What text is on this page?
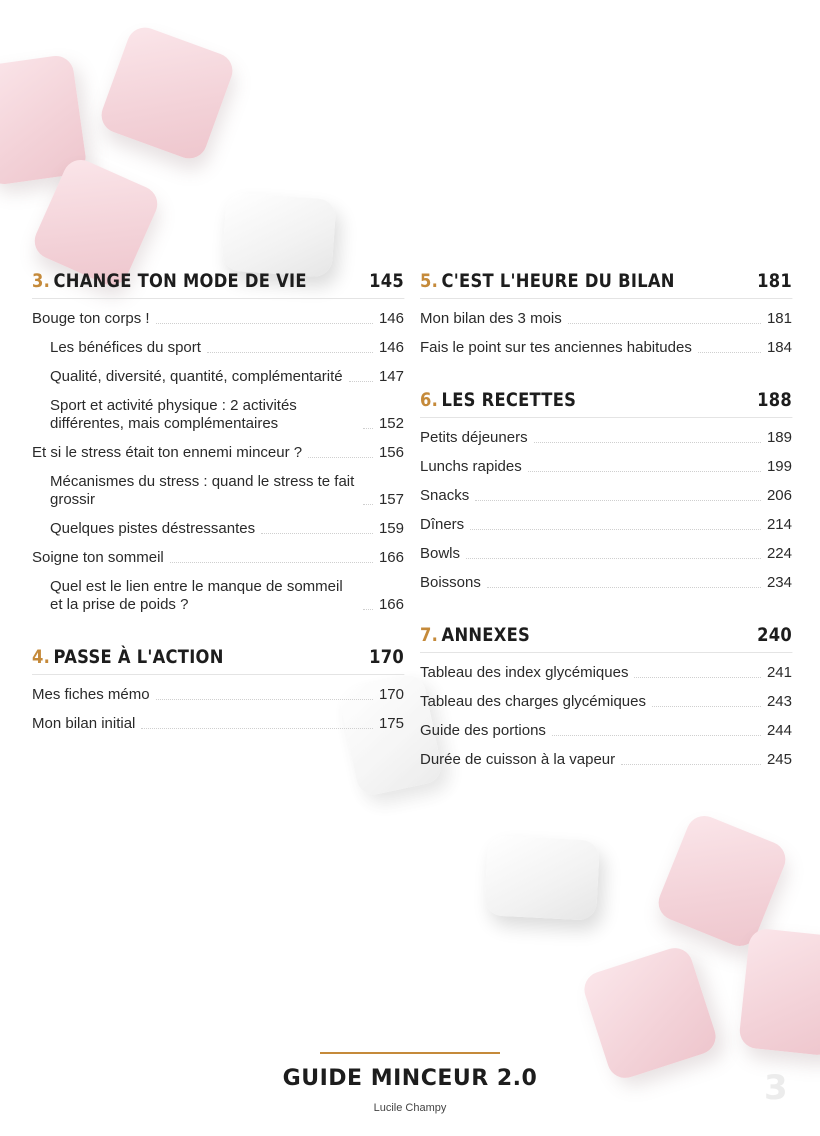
3. CHANGE TON MODE DE VIE	145
Bouge ton corps !	146
Les bénéfices du sport	146
Qualité, diversité, quantité, complémentarité 147
Sport et activité physique : 2 activités différentes, mais complémentaires	152
Et si le stress était ton ennemi minceur ?	156
Mécanismes du stress : quand le stress te fait grossir	157
Quelques pistes déstressantes	159
Soigne ton sommeil	166
Quel est le lien entre le manque de sommeil et la prise de poids ?	166
4. PASSE À L'ACTION	170
Mes fiches mémo	170
Mon bilan initial	175
5. C'EST L'HEURE DU BILAN	181
Mon bilan des 3 mois	181
Fais le point sur tes anciennes habitudes	184
6. LES RECETTES	188
Petits déjeuners	189
Lunchs rapides	199
Snacks	206
Dîners	214
Bowls	224
Boissons	234
7. ANNEXES	240
Tableau des index glycémiques	241
Tableau des charges glycémiques	243
Guide des portions	244
Durée de cuisson à la vapeur	245
GUIDE MINCEUR 2.0
Lucile Champy	3
